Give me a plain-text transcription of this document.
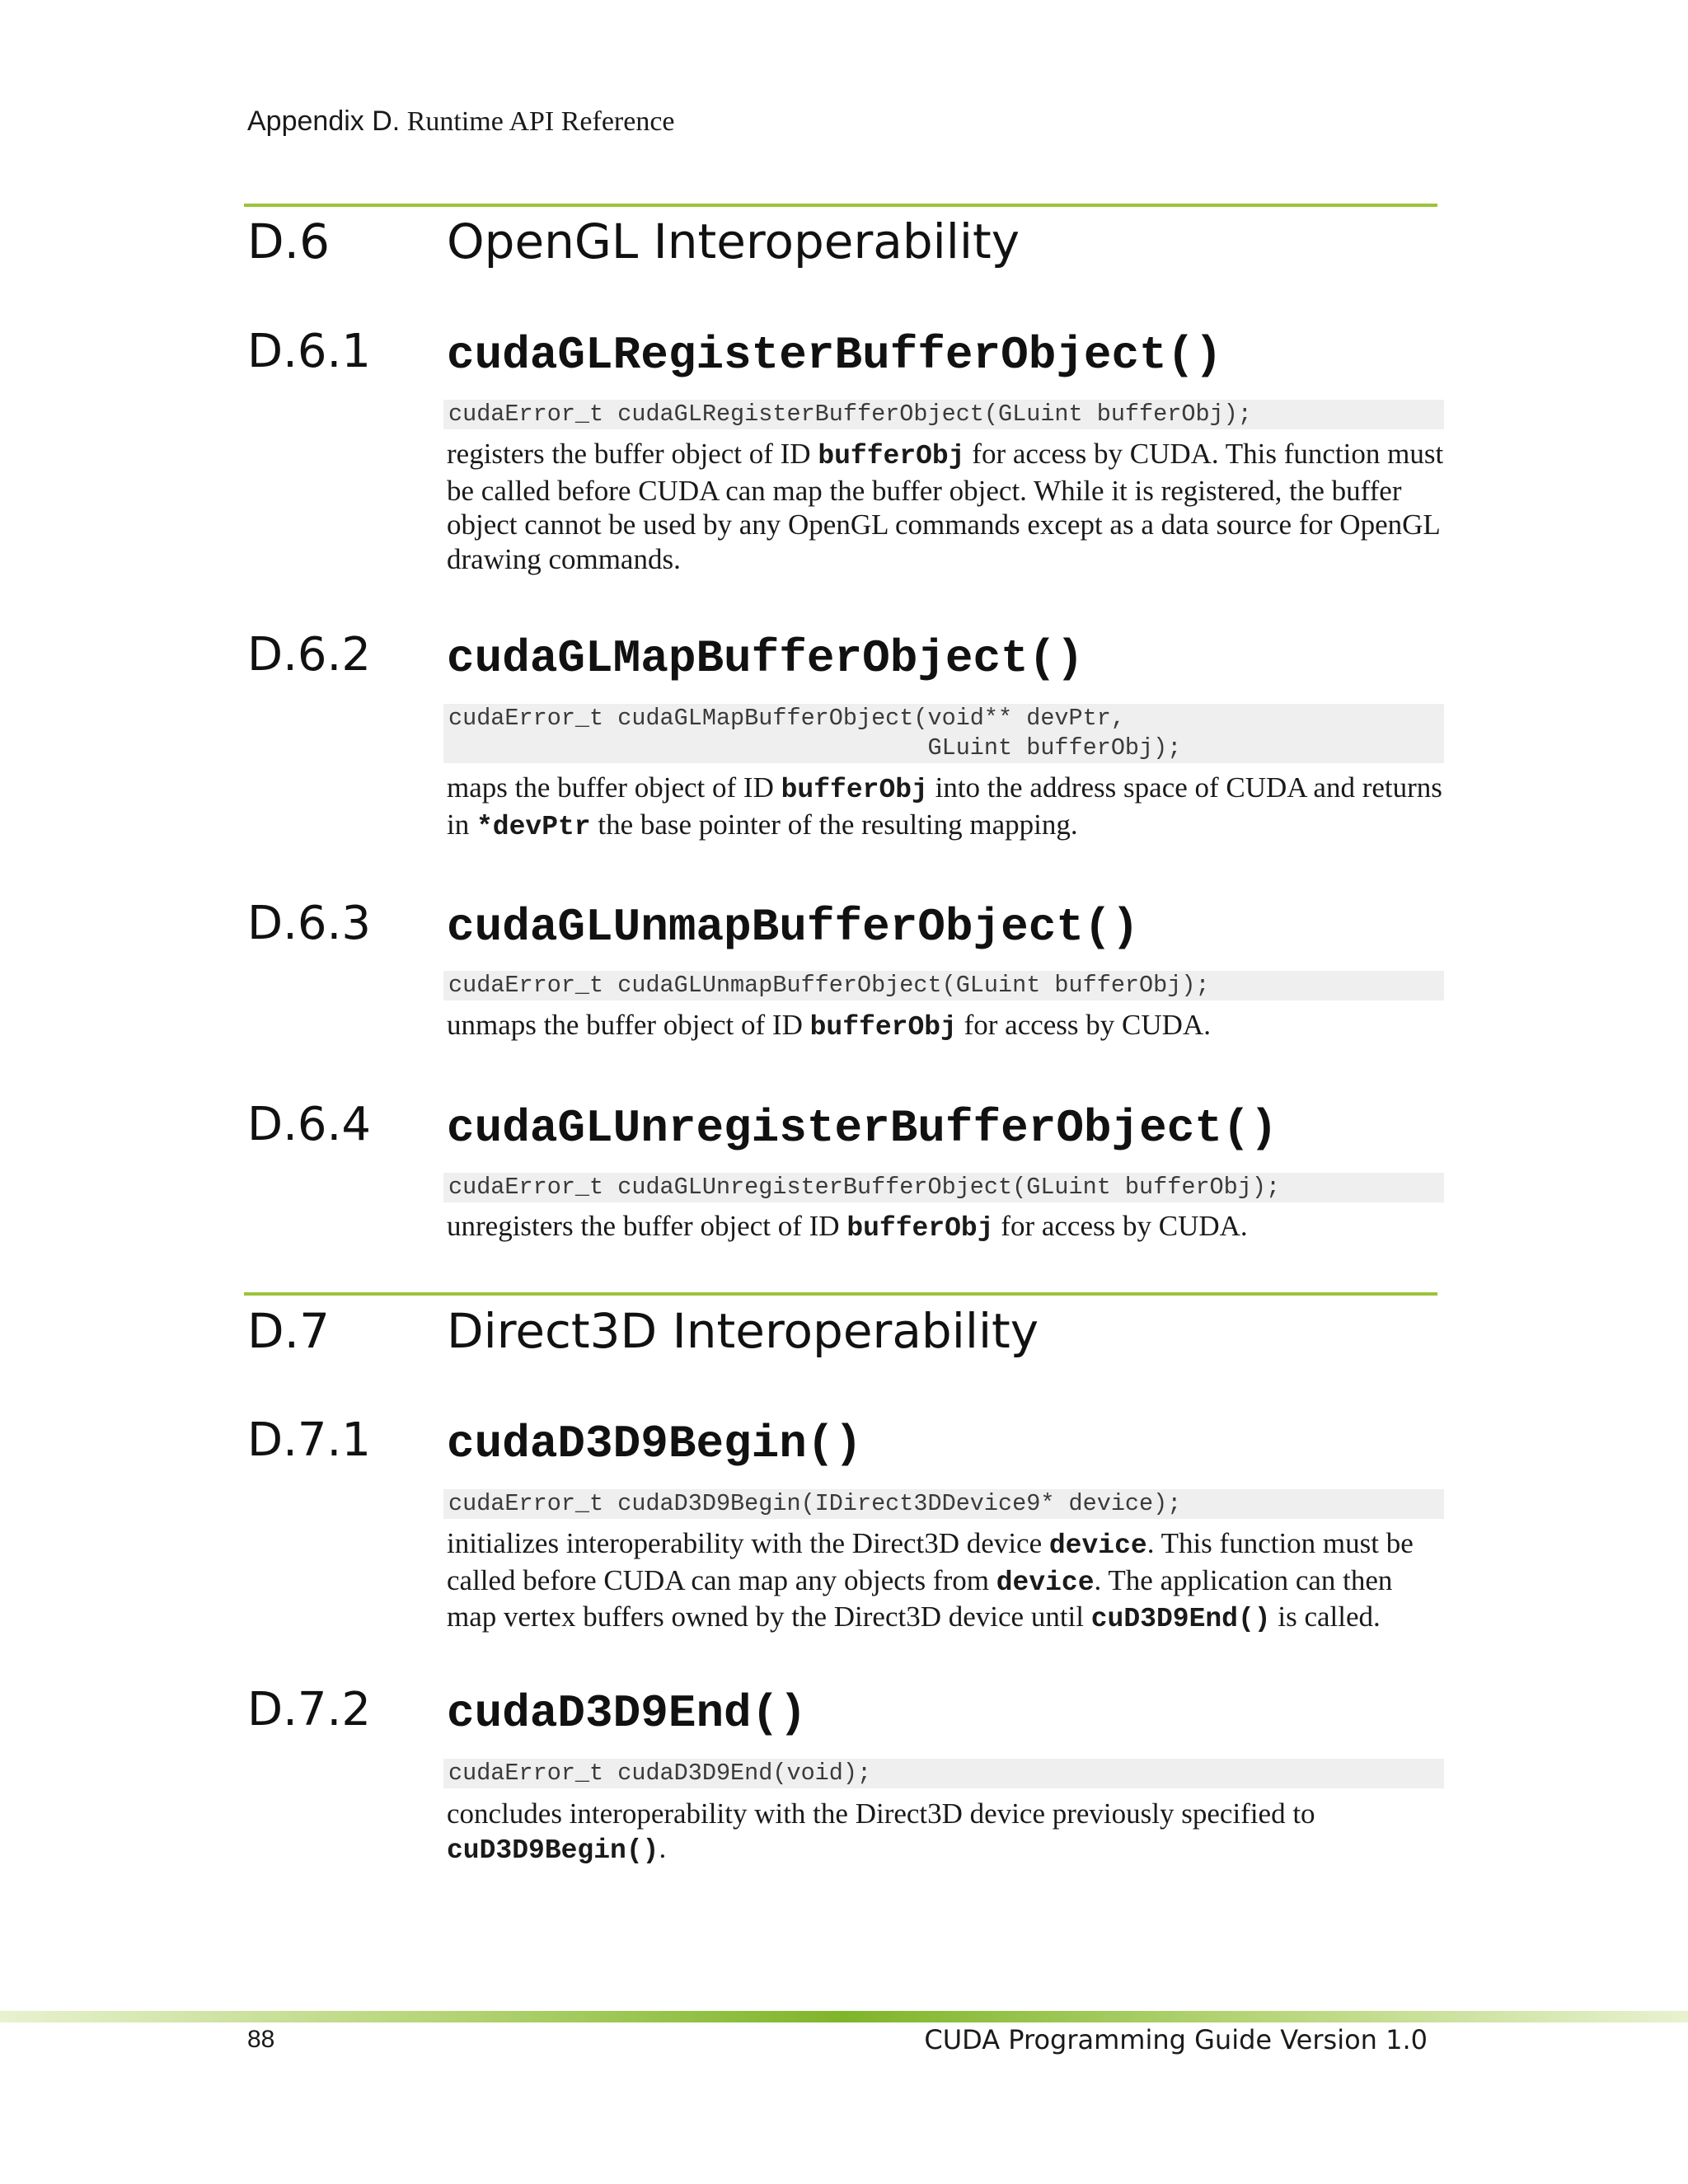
Appendix D. Runtime API Reference
D.6 OpenGL Interoperability
D.6.1 cudaGLRegisterBufferObject()
cudaError_t cudaGLRegisterBufferObject(GLuint bufferObj);
registers the buffer object of ID bufferObj for access by CUDA. This function must be called before CUDA can map the buffer object. While it is registered, the buffer object cannot be used by any OpenGL commands except as a data source for OpenGL drawing commands.
D.6.2 cudaGLMapBufferObject()
cudaError_t cudaGLMapBufferObject(void** devPtr,
GLuint bufferObj);
maps the buffer object of ID bufferObj into the address space of CUDA and returns in *devPtr the base pointer of the resulting mapping.
D.6.3 cudaGLUnmapBufferObject()
cudaError_t cudaGLUnmapBufferObject(GLuint bufferObj);
unmaps the buffer object of ID bufferObj for access by CUDA.
D.6.4 cudaGLUnregisterBufferObject()
cudaError_t cudaGLUnregisterBufferObject(GLuint bufferObj);
unregisters the buffer object of ID bufferObj for access by CUDA.
D.7 Direct3D Interoperability
D.7.1 cudaD3D9Begin()
cudaError_t cudaD3D9Begin(IDirect3DDevice9* device);
initializes interoperability with the Direct3D device device. This function must be called before CUDA can map any objects from device. The application can then map vertex buffers owned by the Direct3D device until cuD3D9End() is called.
D.7.2 cudaD3D9End()
cudaError_t cudaD3D9End(void);
concludes interoperability with the Direct3D device previously specified to cuD3D9Begin().
88	CUDA Programming Guide Version 1.0
